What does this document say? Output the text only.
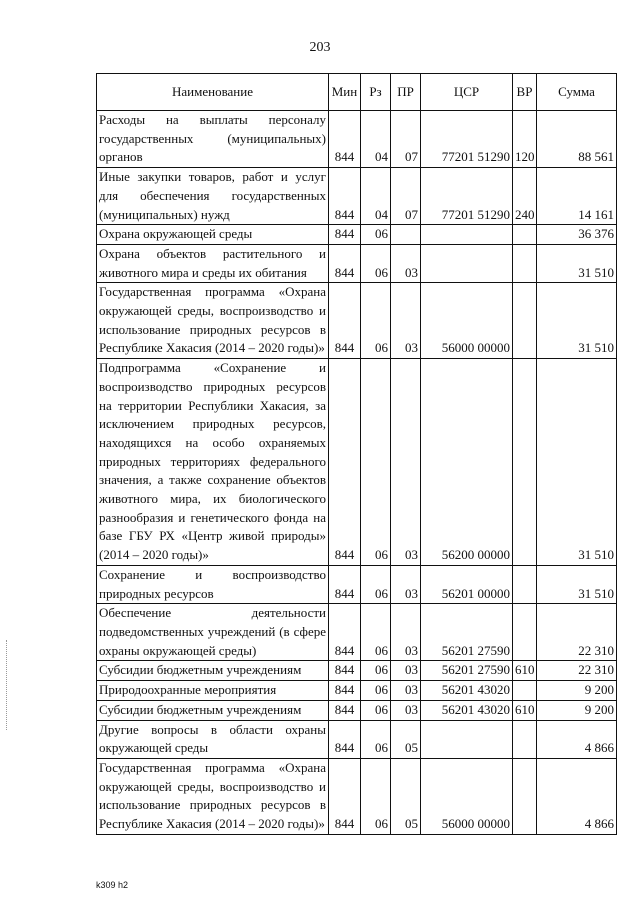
203
Наименование	Мин	Рз	ПР	ЦСР	ВР	Сумма
Расходы на выплаты персоналу государственных (муниципальных) органов	844	04	07	77201 51290	120	88 561
Иные закупки товаров, работ и услуг для обеспечения государственных (муниципальных) нужд	844	04	07	77201 51290	240	14 161
Охрана окружающей среды	844	06				36 376
Охрана объектов растительного и животного мира и среды их обитания	844	06	03			31 510
Государственная программа «Охрана окружающей среды, воспроизводство и использование природных ресурсов в Республике Хакасия (2014 – 2020 годы)»	844	06	03	56000 00000		31 510
Подпрограмма «Сохранение и воспроизводство природных ресурсов на территории Республики Хакасия, за исключением природных ресурсов, находящихся на особо охраняемых природных территориях федерального значения, а также сохранение объектов животного мира, их биологического разнообразия и генетического фонда на базе ГБУ РХ «Центр живой природы» (2014 – 2020 годы)»	844	06	03	56200 00000		31 510
Сохранение и воспроизводство природных ресурсов	844	06	03	56201 00000		31 510
Обеспечение деятельности подведомственных учреждений (в сфере охраны окружающей среды)	844	06	03	56201 27590		22 310
Субсидии бюджетным учреждениям	844	06	03	56201 27590	610	22 310
Природоохранные мероприятия	844	06	03	56201 43020		9 200
Субсидии бюджетным учреждениям	844	06	03	56201 43020	610	9 200
Другие вопросы в области охраны окружающей среды	844	06	05			4 866
Государственная программа «Охрана окружающей среды, воспроизводство и использование природных ресурсов в Республике Хакасия (2014 – 2020 годы)»	844	06	05	56000 00000		4 866
k309 h2
